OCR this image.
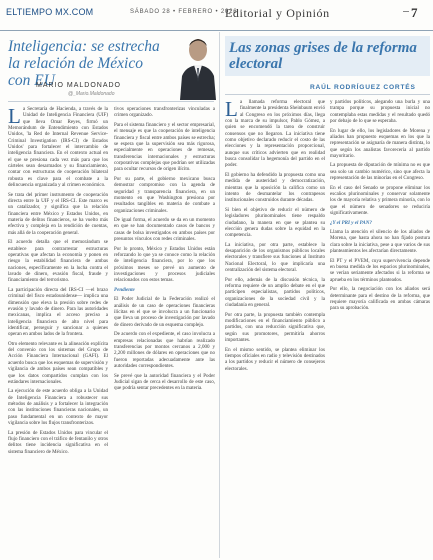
ELTIEMPO MX.COM	SÁBADO 28 • FEBRERO • 2026
Editorial y Opinión	7
Inteligencia: se estrecha la relación de México con EU
MARIO MALDONADO
@_Mario.Maldonado
L a Secretaría de Hacienda, a través de la Unidad de Inteligencia Financiera (UIF) que lleva Omar Reyes, firmó un Memorándum de Entendimiento con Estados Unidos, 'la Red de Internal Revenue Service-Criminal Investigation (IRS-CI) de Estados Unidos' para fortalecer el intercambio de inteligencia financiera. En el contexto actual en el que se presiona cada vez más para que los cárteles sean desarmados y su financiamiento, contar con estructuras de cooperación bilateral robusta es clave para el combate a la delincuencia organizada y al crimen económico.

Se trata del primer instrumento de cooperación directa entre la UIF y el IRS-CI. Este marco es un catalizador, y significa que la relación financiera entre México y Estados Unidos, en materia de delitos financieros, se ha vuelto más efectiva y compleja en la rendición de cuentas, más allá de la cooperación general.

El acuerdo detalla que el memorándum se establece para contrarrestar estructuras operativas que afectan la economía y ponen en riesgo la estabilidad financiera de ambas naciones, específicamente en la lucha contra el lavado de dinero, evasión fiscal, fraude y financiamiento del terrorismo.

La participación directa del IRS-CI —el brazo criminal del fisco estadounidense— implica una dimensión que eleva la presión sobre redes de evasión y lavado de dinero. Para las autoridades mexicanas, implica el acceso preciso a inteligencia financiera de alto nivel para identificar, perseguir y sancionar a quienes operan en ambos lados de la frontera.

Otro elemento relevante es la alineación explícita del convenio con los sistemas del Grupo de Acción Financiera Internacional (GAFI). El acuerdo busca que los esquemas de supervisión y vigilancia de ambos países sean compatibles y que los datos compartidos cumplan con los estándares internacionales.

La ejecución de este acuerdo obliga a la Unidad de Inteligencia Financiera a robustecer sus métodos de análisis y a fortalecer la integración con las instituciones financieras nacionales, un paso fundamental en un contexto de mayor vigilancia sobre los flujos transfronterizos.

La presión de Estados Unidos para vincular el flujo financiero con el tráfico de fentanilo y otros delitos tiene incidencia significativa en el sistema financiero de México.

tivos operaciones transfronterizas vinculadas a crimen organizado.

Para el sistema financiero y el sector empresarial, el mensaje es que la cooperación de inteligencia financiera y fiscal entre ambos países se estrecha; se espera que la supervisión sea más rigurosa, especialmente en operaciones de remesas, transferencias internacionales y estructuras corporativas complejas que podrían ser utilizadas para ocultar recursos de origen ilícito.

Por su parte, el gobierno mexicano busca demostrar compromiso con la agenda de seguridad y transparencia financiera, en un momento en que Washington presiona por resultados tangibles en materia de combate a organizaciones criminales.

De igual forma, el acuerdo se da en un momento en que se han documentado casos de bancos y casas de bolsa investigados en ambos países por presuntos vínculos con redes criminales.

Por lo pronto, México y Estados Unidos están reforzando lo que ya se conoce como la relación de inteligencia financiera, por lo que los próximos meses se prevé un aumento de investigaciones y procesos judiciales relacionados con estos temas.

Pendiente

El Poder Judicial de la Federación realizó el análisis de un caso de operaciones financieras ilícitas en el que se involucra a un funcionario que lleva un proceso de investigación por lavado de dinero derivado de un esquema complejo.

De acuerdo con el expediente, el caso involucra a empresas relacionadas que habrían realizado transferencias por montos cercanos a 2,000 y 2,200 millones de dólares en operaciones que no fueron reportadas adecuadamente ante las autoridades correspondientes.

Se prevé que la autoridad financiera y el Poder Judicial sigan de cerca el desarrollo de este caso, que podría sentar precedentes en la materia.

Las zonas grises de la reforma electoral
RAÚL RODRÍGUEZ CORTÉS
L a llamada reforma electoral que finalmente la presidenta Sheinbaum envió al Congreso en los próximos días, llega con la marca de su impulsor, Pablo Gómez, a quien se encomendó la tarea de construir consensos que no llegaron. La iniciativa tiene como objetivo declarado reducir el costo de las elecciones y la representación proporcional, aunque sus críticos advierten que en realidad busca consolidar la hegemonía del partido en el poder.

El gobierno ha defendido la propuesta como una medida de austeridad y democratización, mientras que la oposición la califica como un intento de desmantelar los contrapesos institucionales construidos durante décadas.

Si bien el objetivo de reducir el número de legisladores plurinominales tiene respaldo ciudadano, la manera en que se plantea su elección genera dudas sobre la equidad en la competencia.

La iniciativa, por otra parte, establece la desaparición de los organismos públicos locales electorales y transfiere sus funciones al Instituto Nacional Electoral, lo que implicaría una centralización del sistema electoral.

Por ello, además de la discusión técnica, la reforma requiere de un amplio debate en el que participen especialistas, partidos políticos, organizaciones de la sociedad civil y la ciudadanía en general.

Por otra parte, la propuesta también contempla modificaciones en el financiamiento público a partidos, con una reducción significativa que, según sus promotores, permitiría ahorros importantes.

En el mismo sentido, se plantea eliminar los tiempos oficiales en radio y televisión destinados a los partidos y reducir el número de consejeros electorales.

y partidos políticos, alegando una burla y una trampa porque su propuesta inicial no contemplaba estas medidas y el resultado quedó por debajo de lo que se esperaba.

En lugar de ello, los legisladores de Morena y aliados han propuesto esquemas en los que la representación se asignaría de manera distinta, lo que según los analistas favorecería al partido mayoritario.

La propuesta de diputación de mínima no es que sea solo un cambio numérico, sino que afecta la representación de las minorías en el Congreso.

En el caso del Senado se propone eliminar los escaños plurinominales y conservar solamente los de mayoría relativa y primera minoría, con lo que el número de senadores se reduciría significativamente.

¿Y el PRI y el PAN?

Llama la atención el silencio de los aliados de Morena, que hasta ahora no han fijado postura clara sobre la iniciativa, pese a que varios de sus planteamientos les afectarían directamente.

El PT y el PVEM, cuya supervivencia depende en buena medida de los espacios plurinominales, se verían seriamente afectados si la reforma se aprueba en los términos planteados.

Por ello, la negociación con los aliados será determinante para el destino de la reforma, que requiere mayoría calificada en ambas cámaras para su aprobación.
